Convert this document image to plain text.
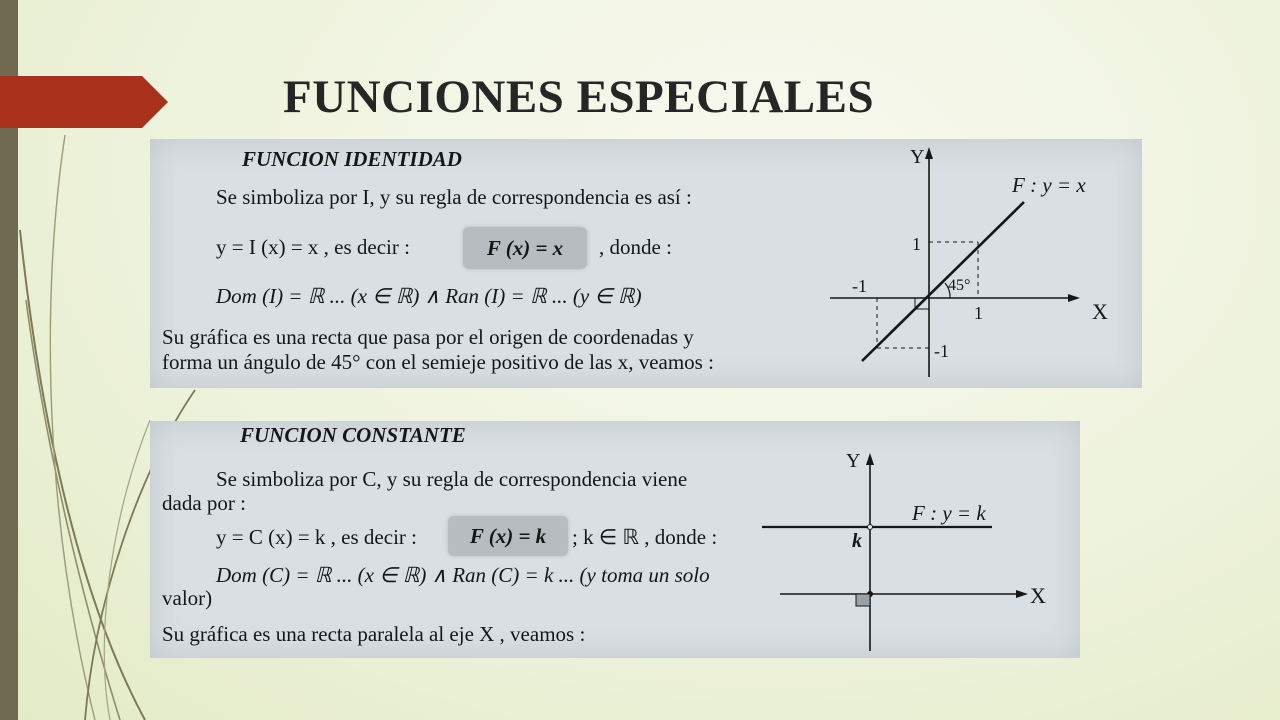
FUNCIONES ESPECIALES
FUNCION IDENTIDAD
Se simboliza por I, y su regla de correspondencia es así :
y = I (x) = x , es decir :	F (x) = x	, donde :
Dom (I) = ℝ ... (x ∈ ℝ) ∧ Ran (I) = ℝ ... (y ∈ ℝ)
Su gráfica es una recta que pasa por el origen de coordenadas y
forma un ángulo de 45° con el semieje positivo de las x, veamos :
Y
X
F : y = x
1
-1
1
-1
45°
FUNCION CONSTANTE
Se simboliza por C, y su regla de correspondencia viene
dada por :
y = C (x) = k , es decir :	F (x) = k	; k ∈ ℝ , donde :
Dom (C) = ℝ ... (x ∈ ℝ) ∧ Ran (C) = k ... (y toma un solo
valor)
Su gráfica es una recta paralela al eje X , veamos :
Y
X
F : y = k
k
